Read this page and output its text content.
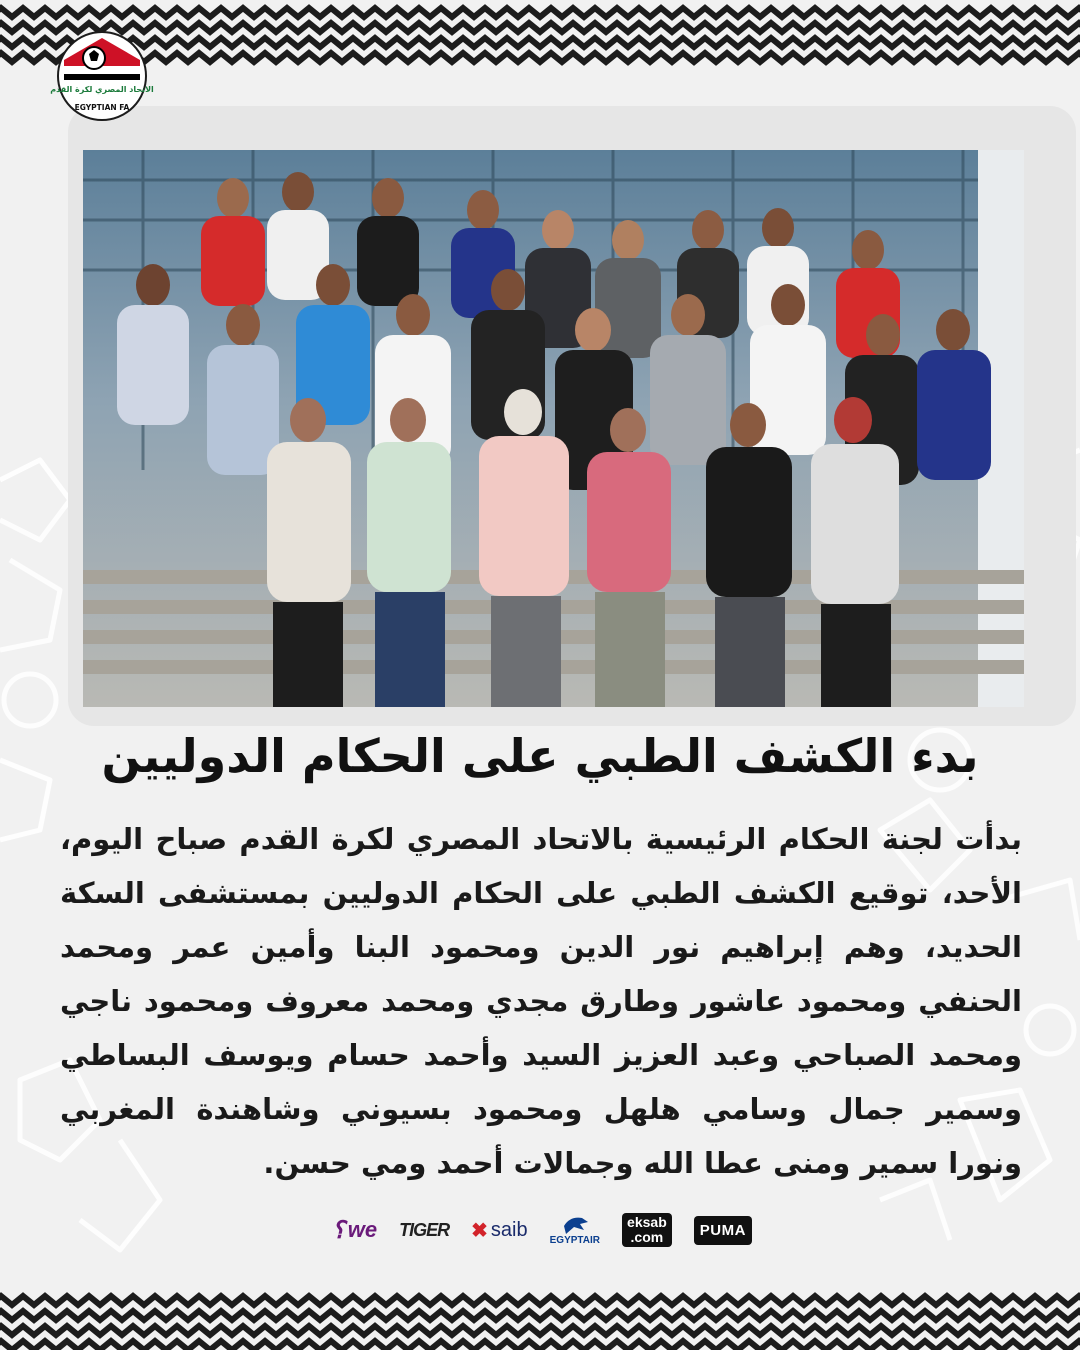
الاتحاد المصري لكرة القدم
EGYPTIAN FA
بدء الكشف الطبي على الحكام الدوليين
بدأت لجنة الحكام الرئيسية بالاتحاد المصري لكرة القدم صباح اليوم، الأحد، توقيع الكشف الطبي على الحكام الدوليين بمستشفى السكة الحديد، وهم إبراهيم نور الدين ومحمود البنا وأمين عمر ومحمد الحنفي ومحمود عاشور وطارق مجدي ومحمد معروف ومحمود ناجي ومحمد الصباحي وعبد العزيز السيد وأحمد حسام ويوسف البساطي وسمير جمال وسامي هلهل ومحمود بسيوني وشاهندة المغربي ونورا سمير ومنى عطا الله وجمالات أحمد ومي حسن.
⸮ we TIGER ✖ saib EGYPTAIR
eksab
.com PUMA
